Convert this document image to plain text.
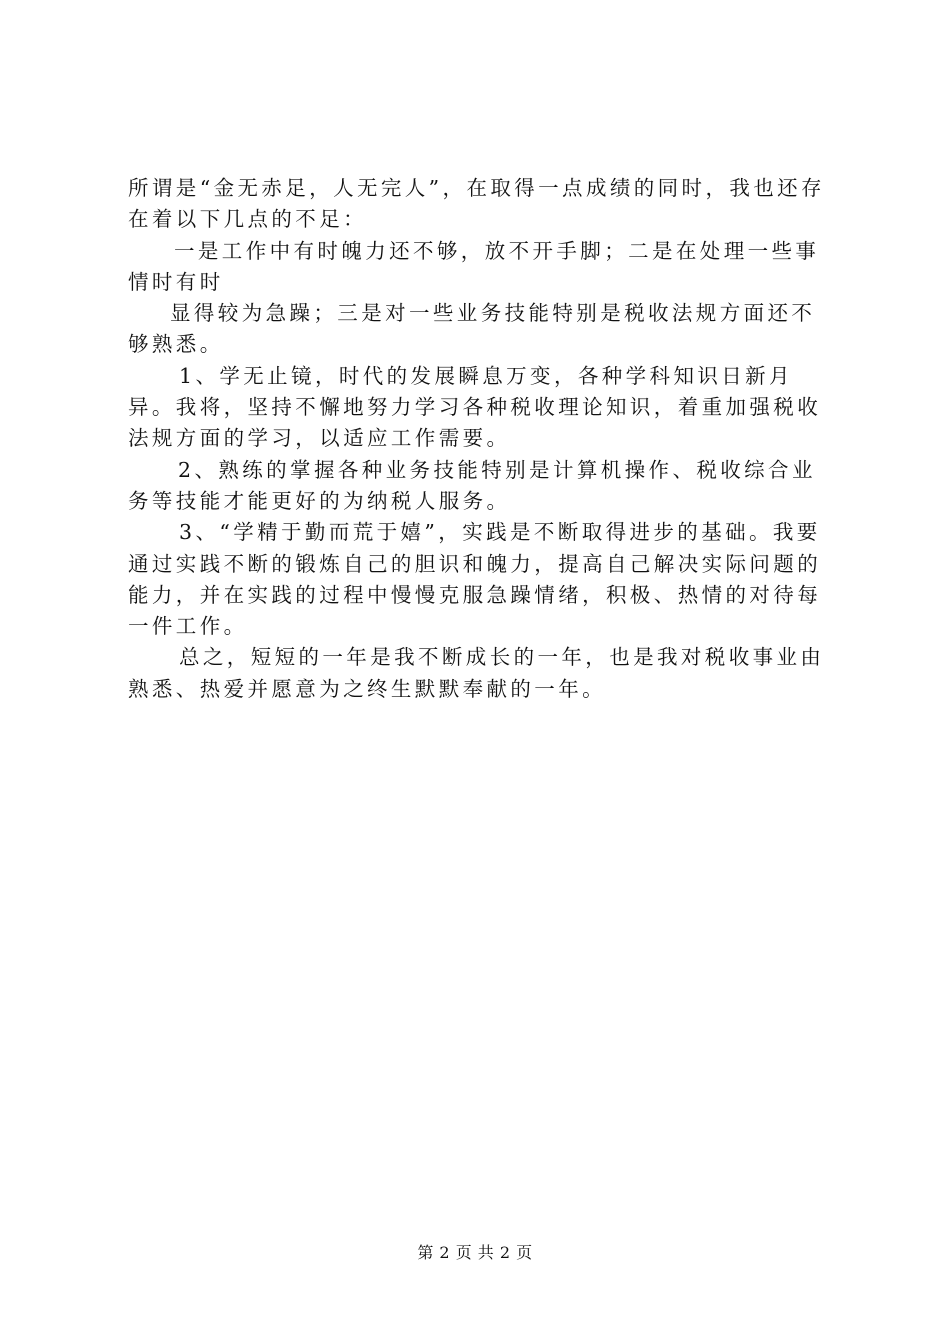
所谓是“金无赤足，人无完人”，在取得一点成绩的同时，我也还存在着以下几点的不足：

一是工作中有时魄力还不够，放不开手脚；二是在处理一些事情时有时

显得较为急躁；三是对一些业务技能特别是税收法规方面还不够熟悉。

1、学无止镜，时代的发展瞬息万变，各种学科知识日新月异。我将，坚持不懈地努力学习各种税收理论知识，着重加强税收法规方面的学习，以适应工作需要。

2、熟练的掌握各种业务技能特别是计算机操作、税收综合业务等技能才能更好的为纳税人服务。

3、“学精于勤而荒于嬉”，实践是不断取得进步的基础。我要通过实践不断的锻炼自己的胆识和魄力，提高自己解决实际问题的能力，并在实践的过程中慢慢克服急躁情绪，积极、热情的对待每一件工作。

总之，短短的一年是我不断成长的一年，也是我对税收事业由熟悉、热爱并愿意为之终生默默奉献的一年。

第 2 页 共 2 页
